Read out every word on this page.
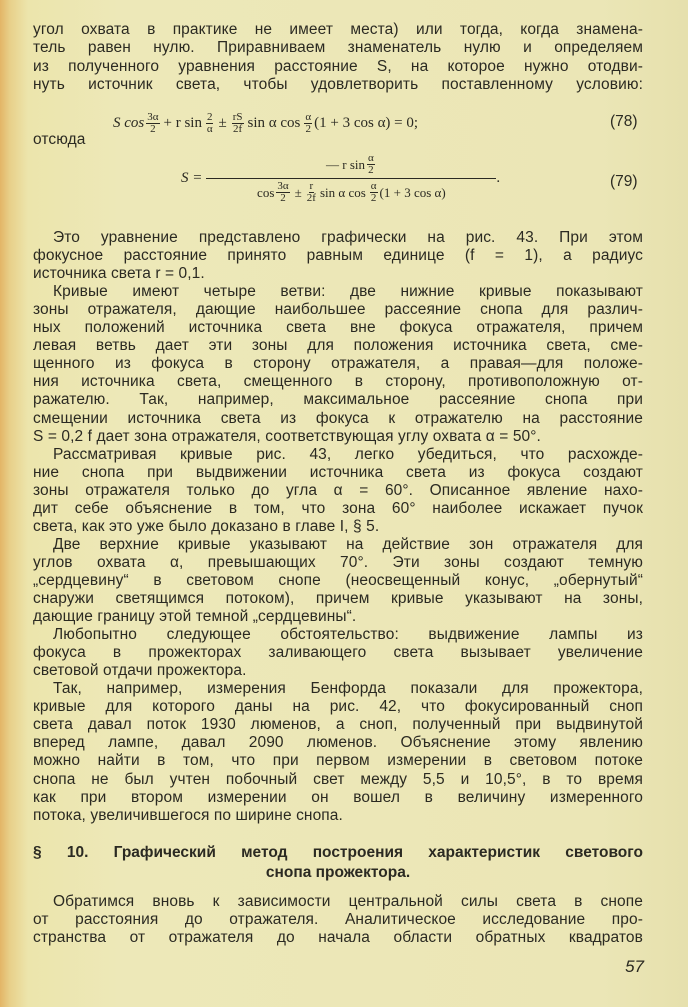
угол охвата в практике не имеет места) или тогда, когда знамена-
тель равен нулю. Приравниваем знаменатель нулю и определяем
из полученного уравнения расстояние S, на которое нужно отодви-
нуть источник света, чтобы удовлетворить поставленному условию:
S $\cos \frac{3\alpha}{2} + r$ $\sin \frac{2}{\alpha} \pm \frac{rS}{2f}$ sin α $\cos \frac{\alpha}{2} (1 + 3$ cos α) = 0;	(78)
отсюда
S =
— r $\sin \frac{\alpha}{2}$
$\cos \frac{3\alpha}{2} \pm \frac{r}{2f}$ sin α $\cos \frac{\alpha}{2} (1 + 3$ cos α)
.	(79)
Это уравнение представлено графически на рис. 43. При этом
фокусное расстояние принято равным единице (f = 1), а радиус
источника света r = 0,1.
Кривые имеют четыре ветви: две нижние кривые показывают
зоны отражателя, дающие наибольшее рассеяние снопа для различ-
ных положений источника света вне фокуса отражателя, причем
левая ветвь дает эти зоны для положения источника света, сме-
щенного из фокуса в сторону отражателя, а правая—для положе-
ния источника света, смещенного в сторону, противоположную от-
ражателю. Так, например, максимальное рассеяние снопа при
смещении источника света из фокуса к отражателю на расстояние
S = 0,2 f дает зона отражателя, соответствующая углу охвата α = 50°.
Рассматривая кривые рис. 43, легко убедиться, что расхожде-
ние снопа при выдвижении источника света из фокуса создают
зоны отражателя только до угла α = 60°. Описанное явление нахо-
дит себе объяснение в том, что зона 60° наиболее искажает пучок
света, как это уже было доказано в главе I, § 5.
Две верхние кривые указывают на действие зон отражателя для
углов охвата α, превышающих 70°. Эти зоны создают темную
„сердцевину“ в световом снопе (неосвещенный конус, „обернутый“
снаружи светящимся потоком), причем кривые указывают на зоны,
дающие границу этой темной „сердцевины“.
Любопытно следующее обстоятельство: выдвижение лампы из
фокуса в прожекторах заливающего света вызывает увеличение
световой отдачи прожектора.
Так, например, измерения Бенфорда показали для прожектора,
кривые для которого даны на рис. 42, что фокусированный сноп
света давал поток 1930 люменов, а сноп, полученный при выдвинутой
вперед лампе, давал 2090 люменов. Объяснение этому явлению
можно найти в том, что при первом измерении в световом потоке
снопа не был учтен побочный свет между 5,5 и 10,5°, в то время
как при втором измерении он вошел в величину измеренного
потока, увеличившегося по ширине снопа.
§ 10. Графический метод построения характеристик светового
снопа прожектора.
Обратимся вновь к зависимости центральной силы света в снопе
от расстояния до отражателя. Аналитическое исследование про-
странства от отражателя до начала области обратных квадратов
57
